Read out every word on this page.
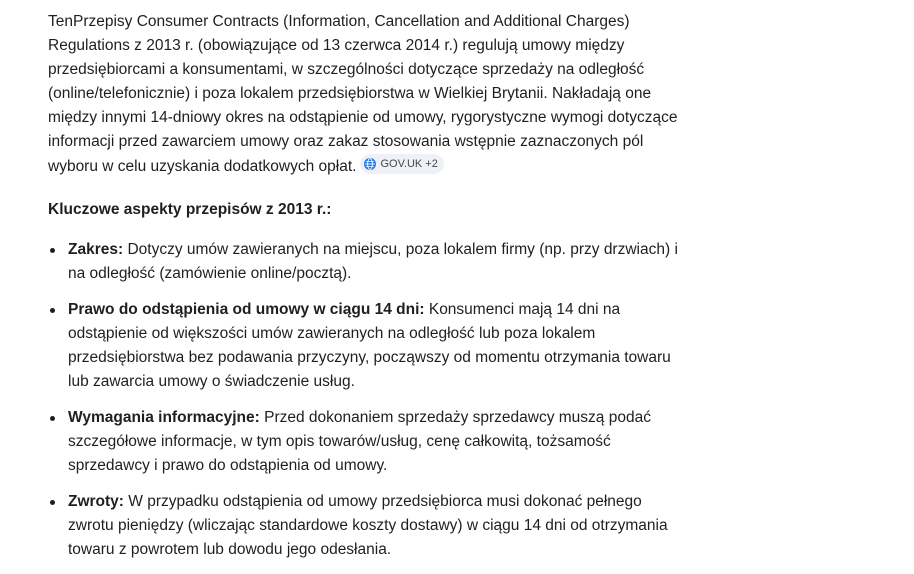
TenPrzepisy Consumer Contracts (Information, Cancellation and Additional Charges) Regulations z 2013 r. (obowiązujące od 13 czerwca 2014 r.) regulują umowy między przedsiębiorcami a konsumentami, w szczególności dotyczące sprzedaży na odległość (online/telefonicznie) i poza lokalem przedsiębiorstwa w Wielkiej Brytanii. Nakładają one między innymi 14-dniowy okres na odstąpienie od umowy, rygorystyczne wymogi dotyczące informacji przed zawarciem umowy oraz zakaz stosowania wstępnie zaznaczonych pól wyboru w celu uzyskania dodatkowych opłat. GOV.UK +2

Kluczowe aspekty przepisów z 2013 r.:

Zakres: Dotyczy umów zawieranych na miejscu, poza lokalem firmy (np. przy drzwiach) i na odległość (zamówienie online/pocztą).
Prawo do odstąpienia od umowy w ciągu 14 dni: Konsumenci mają 14 dni na odstąpienie od większości umów zawieranych na odległość lub poza lokalem przedsiębiorstwa bez podawania przyczyny, począwszy od momentu otrzymania towaru lub zawarcia umowy o świadczenie usług.
Wymagania informacyjne: Przed dokonaniem sprzedaży sprzedawcy muszą podać szczegółowe informacje, w tym opis towarów/usług, cenę całkowitą, tożsamość sprzedawcy i prawo do odstąpienia od umowy.
Zwroty: W przypadku odstąpienia od umowy przedsiębiorca musi dokonać pełnego zwrotu pieniędzy (wliczając standardowe koszty dostawy) w ciągu 14 dni od otrzymania towaru z powrotem lub dowodu jego odesłania.
